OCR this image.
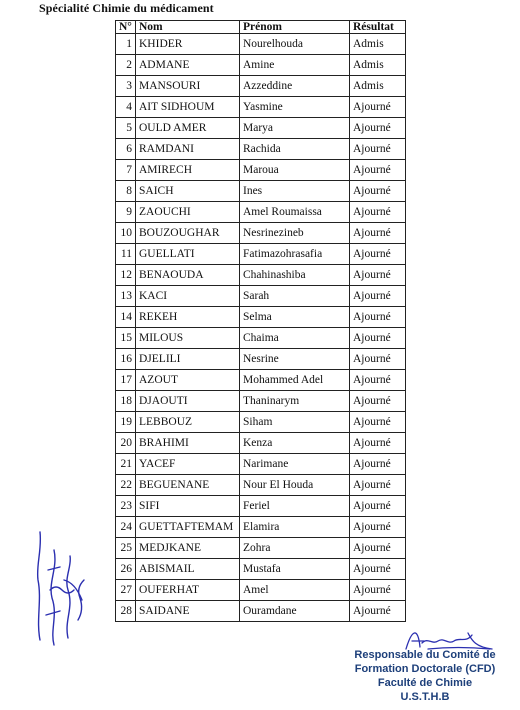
Spécialité Chimie du médicament
N°	Nom	Prénom	Résultat
1	KHIDER	Nourelhouda	Admis
2	ADMANE	Amine	Admis
3	MANSOURI	Azzeddine	Admis
4	AIT SIDHOUM	Yasmine	Ajourné
5	OULD AMER	Marya	Ajourné
6	RAMDANI	Rachida	Ajourné
7	AMIRECH	Maroua	Ajourné
8	SAICH	Ines	Ajourné
9	ZAOUCHI	Amel Roumaissa	Ajourné
10	BOUZOUGHAR	Nesrinezineb	Ajourné
11	GUELLATI	Fatimazohrasafia	Ajourné
12	BENAOUDA	Chahinashiba	Ajourné
13	KACI	Sarah	Ajourné
14	REKEH	Selma	Ajourné
15	MILOUS	Chaima	Ajourné
16	DJELILI	Nesrine	Ajourné
17	AZOUT	Mohammed Adel	Ajourné
18	DJAOUTI	Thaninarym	Ajourné
19	LEBBOUZ	Siham	Ajourné
20	BRAHIMI	Kenza	Ajourné
21	YACEF	Narimane	Ajourné
22	BEGUENANE	Nour El Houda	Ajourné
23	SIFI	Feriel	Ajourné
24	GUETTAFTEMAM	Elamira	Ajourné
25	MEDJKANE	Zohra	Ajourné
26	ABISMAIL	Mustafa	Ajourné
27	OUFERHAT	Amel	Ajourné
28	SAIDANE	Ouramdane	Ajourné
Responsable du Comité de
Formation Doctorale (CFD)
Faculté de Chimie
U.S.T.H.B
